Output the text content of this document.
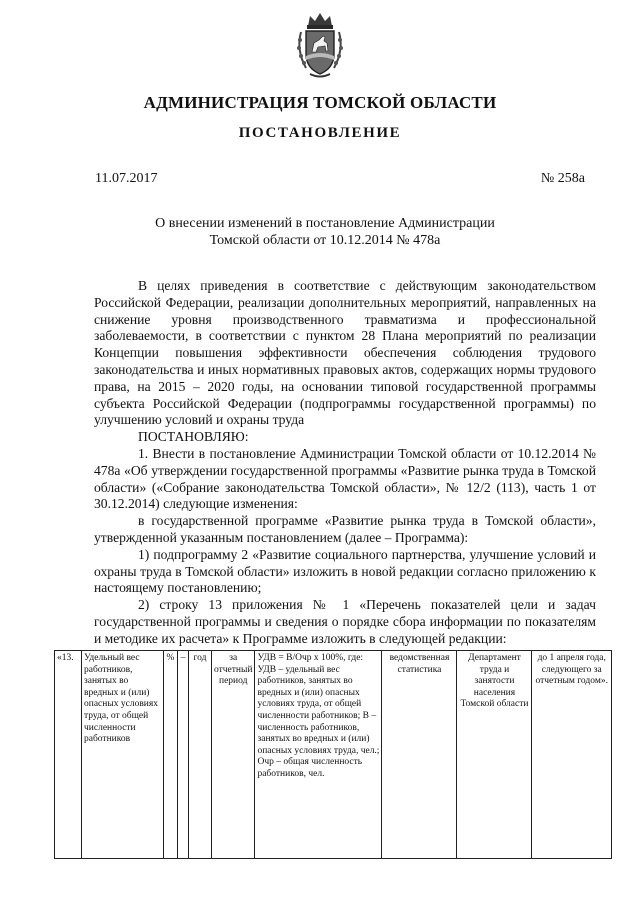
АДМИНИСТРАЦИЯ ТОМСКОЙ ОБЛАСТИ
ПОСТАНОВЛЕНИЕ
11.07.2017	№ 258а
О внесении изменений в постановление Администрации
Томской области от 10.12.2014 № 478а

В целях приведения в соответствие с действующим законодательством Российской Федерации, реализации дополнительных мероприятий, направленных на снижение уровня производственного травматизма и профессиональной заболеваемости, в соответствии с пунктом 28 Плана мероприятий по реализации Концепции повышения эффективности обеспечения соблюдения трудового законодательства и иных нормативных правовых актов, содержащих нормы трудового права, на 2015 – 2020 годы, на основании типовой государственной программы субъекта Российской Федерации (подпрограммы государственной программы) по улучшению условий и охраны труда

ПОСТАНОВЛЯЮ:

1. Внести в постановление Администрации Томской области от 10.12.2014 № 478а «Об утверждении государственной программы «Развитие рынка труда в Томской области» («Собрание законодательства Томской области», № 12/2 (113), часть 1 от 30.12.2014) следующие изменения:

в государственной программе «Развитие рынка труда в Томской области», утвержденной указанным постановлением (далее – Программа):

1) подпрограмму 2 «Развитие социального партнерства, улучшение условий и охраны труда в Томской области» изложить в новой редакции согласно приложению к настоящему постановлению;

2) строку 13 приложения № 1 «Перечень показателей цели и задач государственной программы и сведения о порядке сбора информации по показателям и методике их расчета» к Программе изложить в следующей редакции:

«13.	Удельный вес работников, занятых во вредных и (или) опасных условиях труда, от общей численности работников	%	–	год	за отчетный период	УДВ = В/Очр х 100%, где: УДВ – удельный вес работников, занятых во вредных и (или) опасных условиях труда, от общей численности работников; В – численность работников, занятых во вредных и (или) опасных условиях труда, чел.; Очр – общая численность работников, чел.	ведомственная статистика	Департамент труда и занятости населения Томской области	до 1 апреля года, следующего за отчетным годом».
